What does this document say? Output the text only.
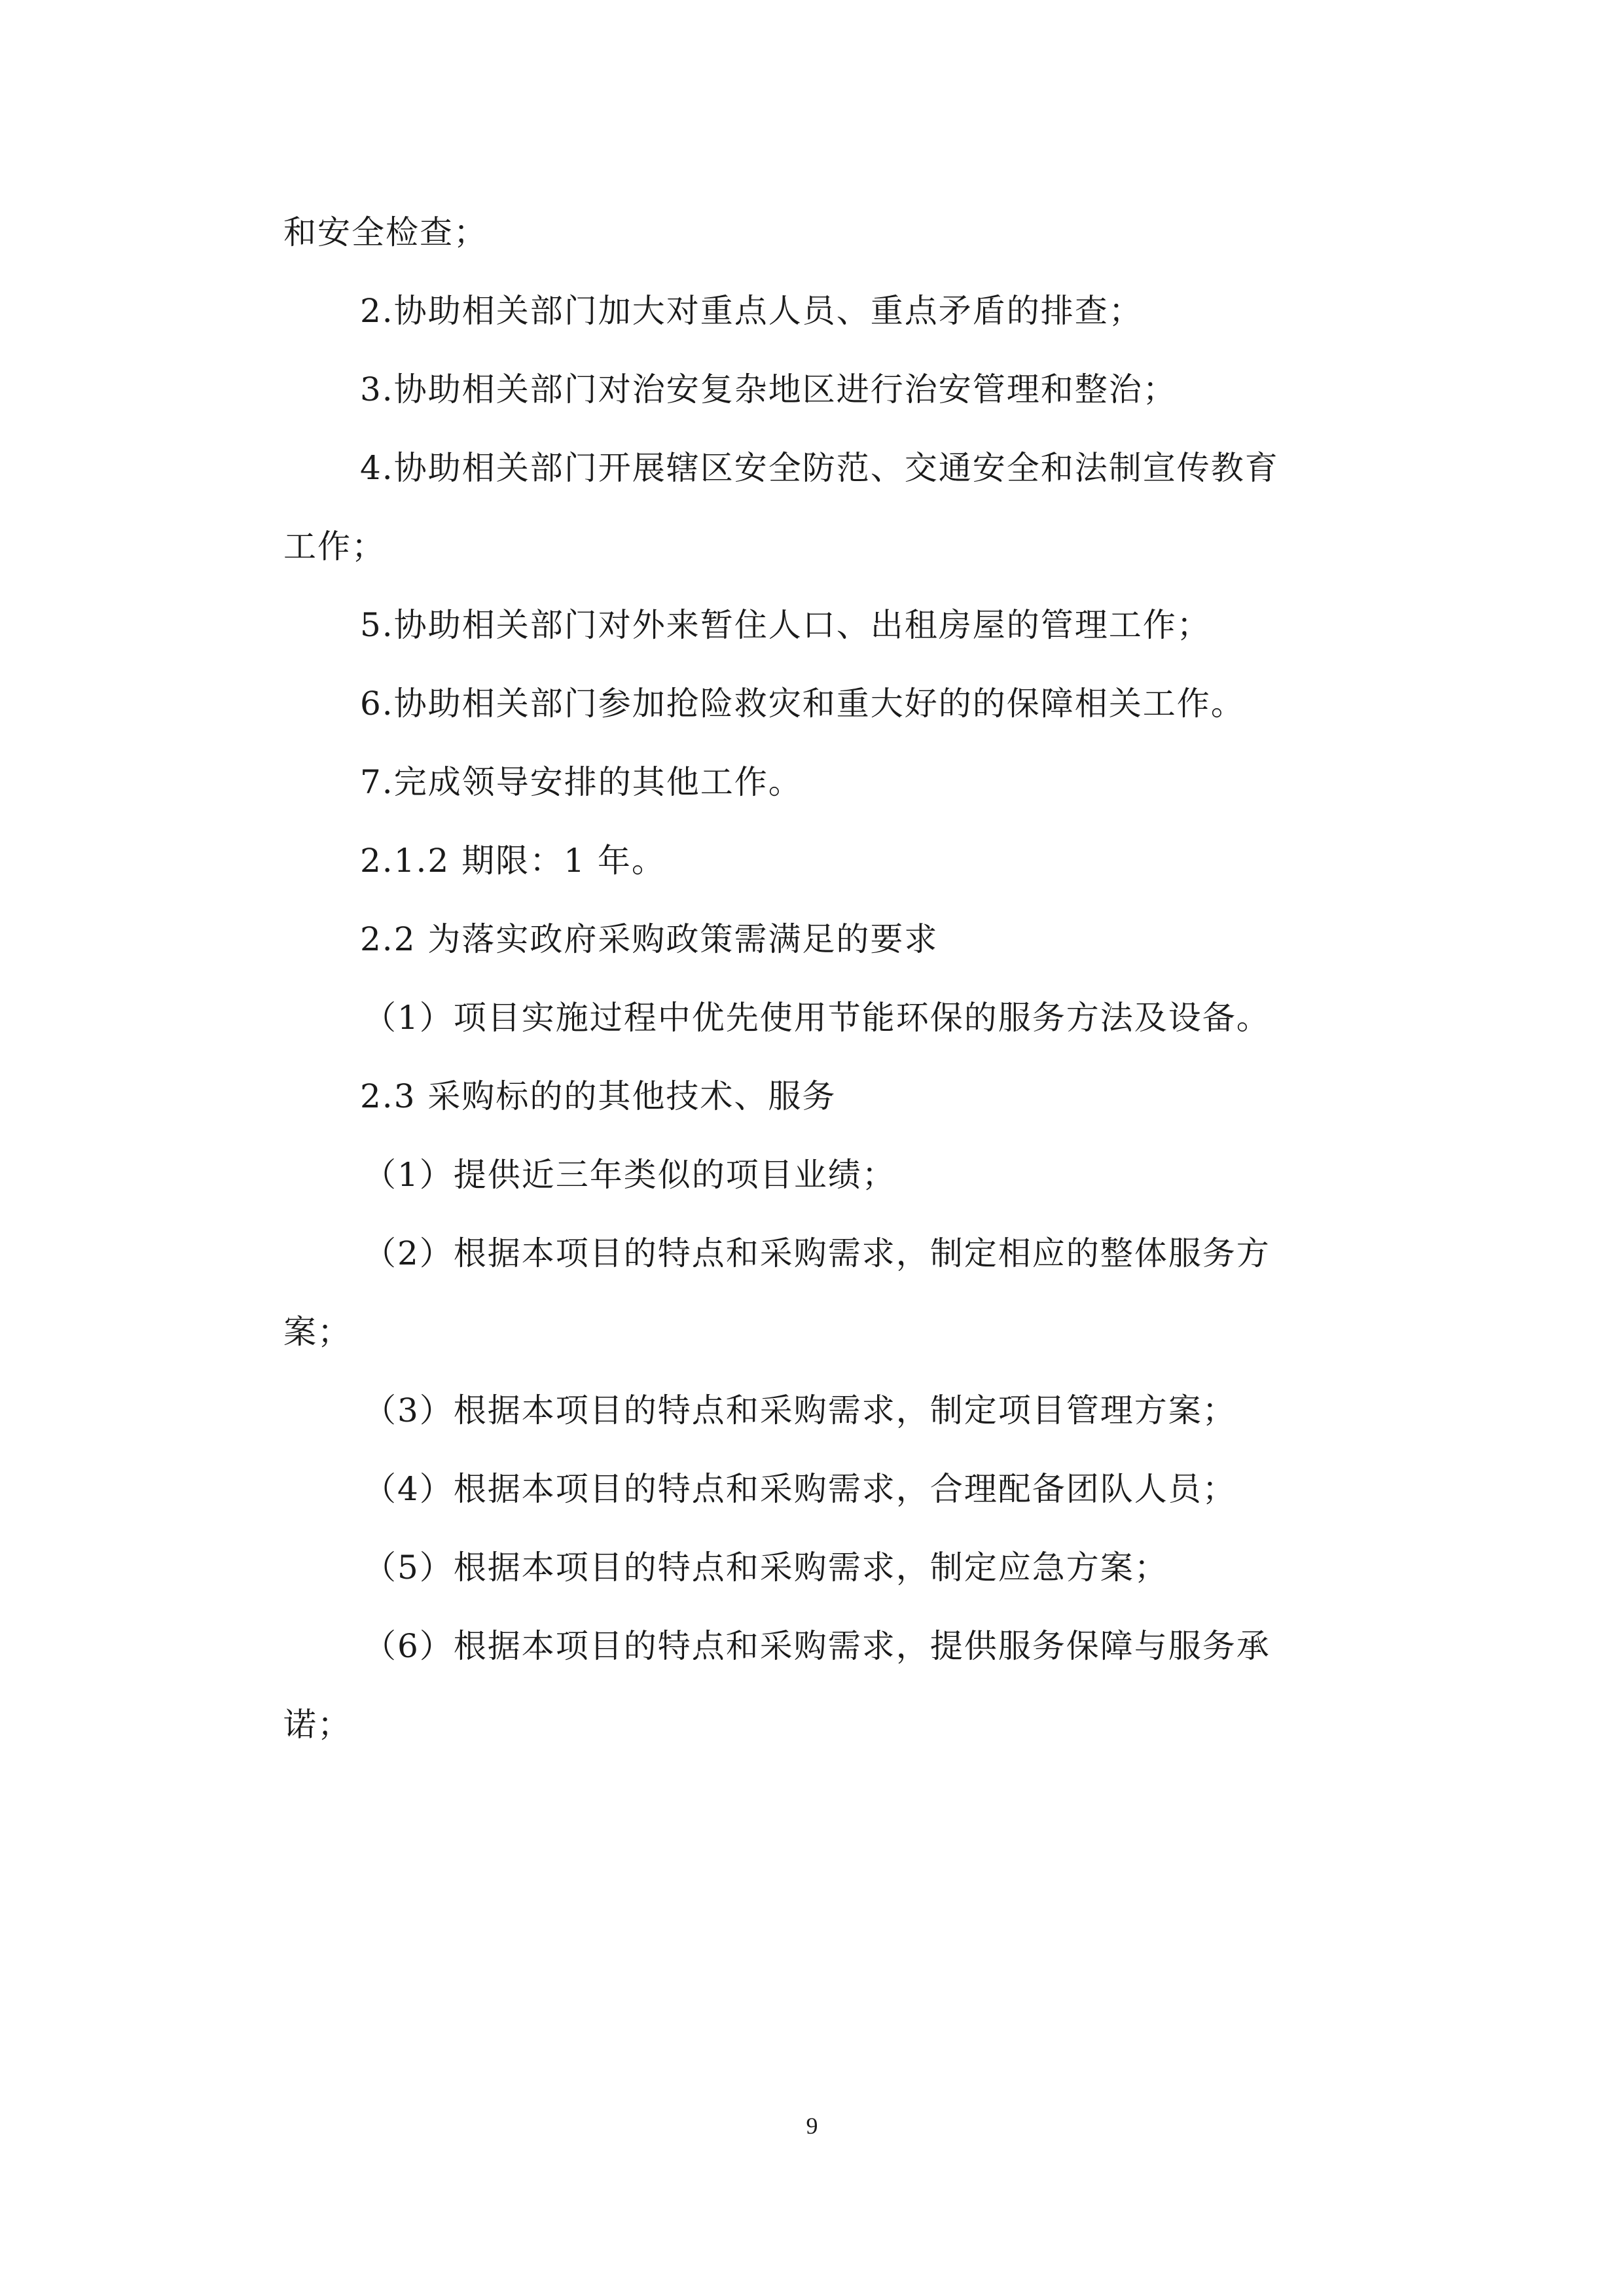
和安全检查；
2.协助相关部门加大对重点人员、重点矛盾的排查；
3.协助相关部门对治安复杂地区进行治安管理和整治；
4.协助相关部门开展辖区安全防范、交通安全和法制宣传教育
工作；
5.协助相关部门对外来暂住人口、出租房屋的管理工作；
6.协助相关部门参加抢险救灾和重大好的的保障相关工作。
7.完成领导安排的其他工作。
2.1.2 期限：1 年。
2.2 为落实政府采购政策需满足的要求
（1）项目实施过程中优先使用节能环保的服务方法及设备。
2.3 采购标的的其他技术、服务
（1）提供近三年类似的项目业绩；
（2）根据本项目的特点和采购需求，制定相应的整体服务方
案；
（3）根据本项目的特点和采购需求，制定项目管理方案；
（4）根据本项目的特点和采购需求，合理配备团队人员；
（5）根据本项目的特点和采购需求，制定应急方案；
（6）根据本项目的特点和采购需求，提供服务保障与服务承
诺；
9
